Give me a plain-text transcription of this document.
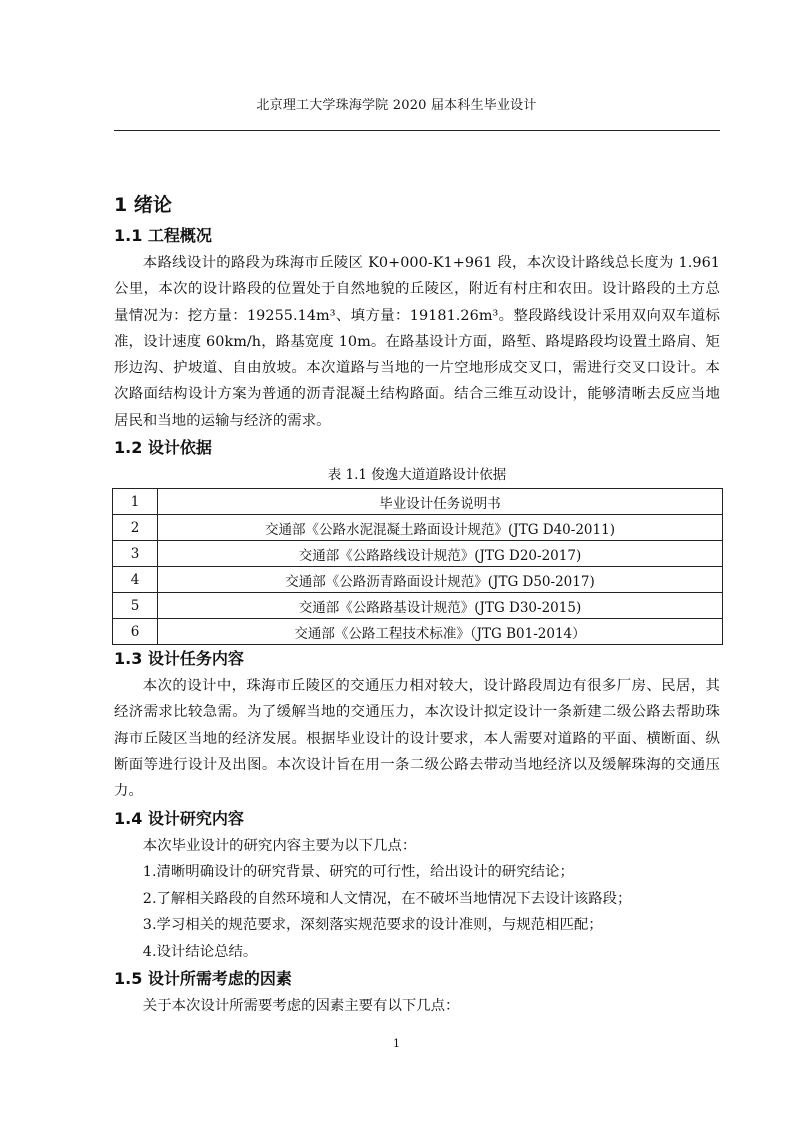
北京理工大学珠海学院 2020 届本科生毕业设计
1 绪论
1.1 工程概况

本路线设计的路段为珠海市丘陵区 K0+000-K1+961 段，本次设计路线总长度为 1.961 公里，本次的设计路段的位置处于自然地貌的丘陵区，附近有村庄和农田。设计路段的土方总量情况为：挖方量：19255.14m³、填方量：19181.26m³。整段路线设计采用双向双车道标准，设计速度 60km/h，路基宽度 10m。在路基设计方面，路堑、路堤路段均设置土路肩、矩形边沟、护坡道、自由放坡。本次道路与当地的一片空地形成交叉口，需进行交叉口设计。本次路面结构设计方案为普通的沥青混凝土结构路面。结合三维互动设计，能够清晰去反应当地居民和当地的运输与经济的需求。

1.2 设计依据

表 1.1 俊逸大道道路设计依据

1	毕业设计任务说明书
2	交通部《公路水泥混凝土路面设计规范》(JTG D40-2011)
3	交通部《公路路线设计规范》(JTG D20-2017)
4	交通部《公路沥青路面设计规范》(JTG D50-2017)
5	交通部《公路路基设计规范》(JTG D30-2015)
6	交通部《公路工程技术标准》（JTG B01-2014）
1.3 设计任务内容

本次的设计中，珠海市丘陵区的交通压力相对较大，设计路段周边有很多厂房、民居，其经济需求比较急需。为了缓解当地的交通压力，本次设计拟定设计一条新建二级公路去帮助珠海市丘陵区当地的经济发展。根据毕业设计的设计要求，本人需要对道路的平面、横断面、纵断面等进行设计及出图。本次设计旨在用一条二级公路去带动当地经济以及缓解珠海的交通压力。

1.4 设计研究内容

本次毕业设计的研究内容主要为以下几点：

1.清晰明确设计的研究背景、研究的可行性，给出设计的研究结论；

2.了解相关路段的自然环境和人文情况，在不破坏当地情况下去设计该路段；

3.学习相关的规范要求，深刻落实规范要求的设计准则，与规范相匹配；

4.设计结论总结。

1.5 设计所需考虑的因素

关于本次设计所需要考虑的因素主要有以下几点：

1
